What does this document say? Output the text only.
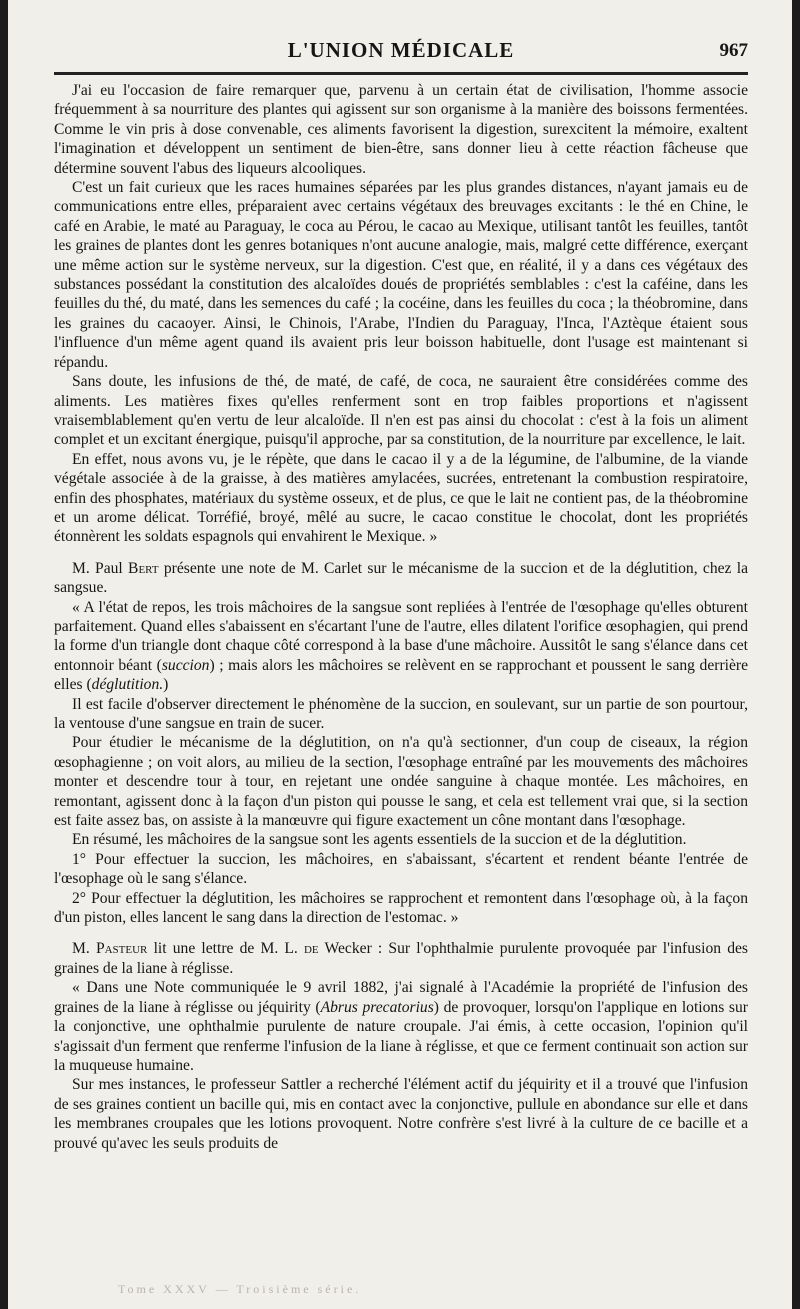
L'UNION MÉDICALE	967

J'ai eu l'occasion de faire remarquer que, parvenu à un certain état de civilisation, l'homme associe fréquemment à sa nourriture des plantes qui agissent sur son organisme à la manière des boissons fermentées. Comme le vin pris à dose convenable, ces aliments favorisent la digestion, surexcitent la mémoire, exaltent l'imagination et développent un sentiment de bien-être, sans donner lieu à cette réaction fâcheuse que détermine souvent l'abus des liqueurs alcooliques.

C'est un fait curieux que les races humaines séparées par les plus grandes distances, n'ayant jamais eu de communications entre elles, préparaient avec certains végétaux des breuvages excitants : le thé en Chine, le café en Arabie, le maté au Paraguay, le coca au Pérou, le cacao au Mexique, utilisant tantôt les feuilles, tantôt les graines de plantes dont les genres botaniques n'ont aucune analogie, mais, malgré cette différence, exerçant une même action sur le système nerveux, sur la digestion. C'est que, en réalité, il y a dans ces végétaux des substances possédant la constitution des alcaloïdes doués de propriétés semblables : c'est la caféine, dans les feuilles du thé, du maté, dans les semences du café ; la cocéine, dans les feuilles du coca ; la théobromine, dans les graines du cacaoyer. Ainsi, le Chinois, l'Arabe, l'Indien du Paraguay, l'Inca, l'Aztèque étaient sous l'influence d'un même agent quand ils avaient pris leur boisson habituelle, dont l'usage est maintenant si répandu.

Sans doute, les infusions de thé, de maté, de café, de coca, ne sauraient être considérées comme des aliments. Les matières fixes qu'elles renferment sont en trop faibles proportions et n'agissent vraisemblablement qu'en vertu de leur alcaloïde. Il n'en est pas ainsi du chocolat : c'est à la fois un aliment complet et un excitant énergique, puisqu'il approche, par sa constitution, de la nourriture par excellence, le lait.

En effet, nous avons vu, je le répète, que dans le cacao il y a de la légumine, de l'albumine, de la viande végétale associée à de la graisse, à des matières amylacées, sucrées, entretenant la combustion respiratoire, enfin des phosphates, matériaux du système osseux, et de plus, ce que le lait ne contient pas, de la théobromine et un arome délicat. Torréfié, broyé, mêlé au sucre, le cacao constitue le chocolat, dont les propriétés étonnèrent les soldats espagnols qui envahirent le Mexique. »

M. Paul Bert présente une note de M. Carlet sur le mécanisme de la succion et de la déglutition, chez la sangsue.

« A l'état de repos, les trois mâchoires de la sangsue sont repliées à l'entrée de l'œsophage qu'elles obturent parfaitement. Quand elles s'abaissent en s'écartant l'une de l'autre, elles dilatent l'orifice œsophagien, qui prend la forme d'un triangle dont chaque côté correspond à la base d'une mâchoire. Aussitôt le sang s'élance dans cet entonnoir béant (succion) ; mais alors les mâchoires se relèvent en se rapprochant et poussent le sang derrière elles (déglutition.)

Il est facile d'observer directement le phénomène de la succion, en soulevant, sur un partie de son pourtour, la ventouse d'une sangsue en train de sucer.

Pour étudier le mécanisme de la déglutition, on n'a qu'à sectionner, d'un coup de ciseaux, la région œsophagienne ; on voit alors, au milieu de la section, l'œsophage entraîné par les mouvements des mâchoires monter et descendre tour à tour, en rejetant une ondée sanguine à chaque montée. Les mâchoires, en remontant, agissent donc à la façon d'un piston qui pousse le sang, et cela est tellement vrai que, si la section est faite assez bas, on assiste à la manœuvre qui figure exactement un cône montant dans l'œsophage.

En résumé, les mâchoires de la sangsue sont les agents essentiels de la succion et de la déglutition.

1° Pour effectuer la succion, les mâchoires, en s'abaissant, s'écartent et rendent béante l'entrée de l'œsophage où le sang s'élance.

2° Pour effectuer la déglutition, les mâchoires se rapprochent et remontent dans l'œsophage où, à la façon d'un piston, elles lancent le sang dans la direction de l'estomac. »

M. Pasteur lit une lettre de M. L. de Wecker : Sur l'ophthalmie purulente provoquée par l'infusion des graines de la liane à réglisse.

« Dans une Note communiquée le 9 avril 1882, j'ai signalé à l'Académie la propriété de l'infusion des graines de la liane à réglisse ou jéquirity (Abrus precatorius) de provoquer, lorsqu'on l'applique en lotions sur la conjonctive, une ophthalmie purulente de nature croupale. J'ai émis, à cette occasion, l'opinion qu'il s'agissait d'un ferment que renferme l'infusion de la liane à réglisse, et que ce ferment continuait son action sur la muqueuse humaine.

Sur mes instances, le professeur Sattler a recherché l'élément actif du jéquirity et il a trouvé que l'infusion de ses graines contient un bacille qui, mis en contact avec la conjonctive, pullule en abondance sur elle et dans les membranes croupales que les lotions provoquent. Notre confrère s'est livré à la culture de ce bacille et a prouvé qu'avec les seuls produits de

Tome XXXV — Troisième série.
